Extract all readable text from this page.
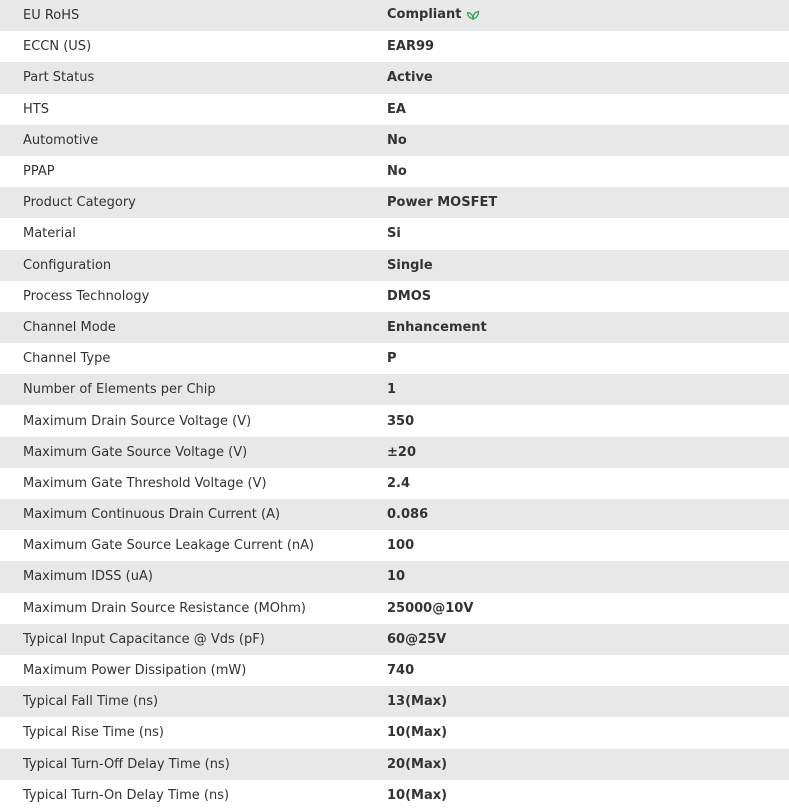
EU RoHS	Compliant
ECCN (US)	EAR99
Part Status	Active
HTS	EA
Automotive	No
PPAP	No
Product Category	Power MOSFET
Material	Si
Configuration	Single
Process Technology	DMOS
Channel Mode	Enhancement
Channel Type	P
Number of Elements per Chip	1
Maximum Drain Source Voltage (V)	350
Maximum Gate Source Voltage (V)	±20
Maximum Gate Threshold Voltage (V)	2.4
Maximum Continuous Drain Current (A)	0.086
Maximum Gate Source Leakage Current (nA)	100
Maximum IDSS (uA)	10
Maximum Drain Source Resistance (MOhm)	25000@10V
Typical Input Capacitance @ Vds (pF)	60@25V
Maximum Power Dissipation (mW)	740
Typical Fall Time (ns)	13(Max)
Typical Rise Time (ns)	10(Max)
Typical Turn-Off Delay Time (ns)	20(Max)
Typical Turn-On Delay Time (ns)	10(Max)
